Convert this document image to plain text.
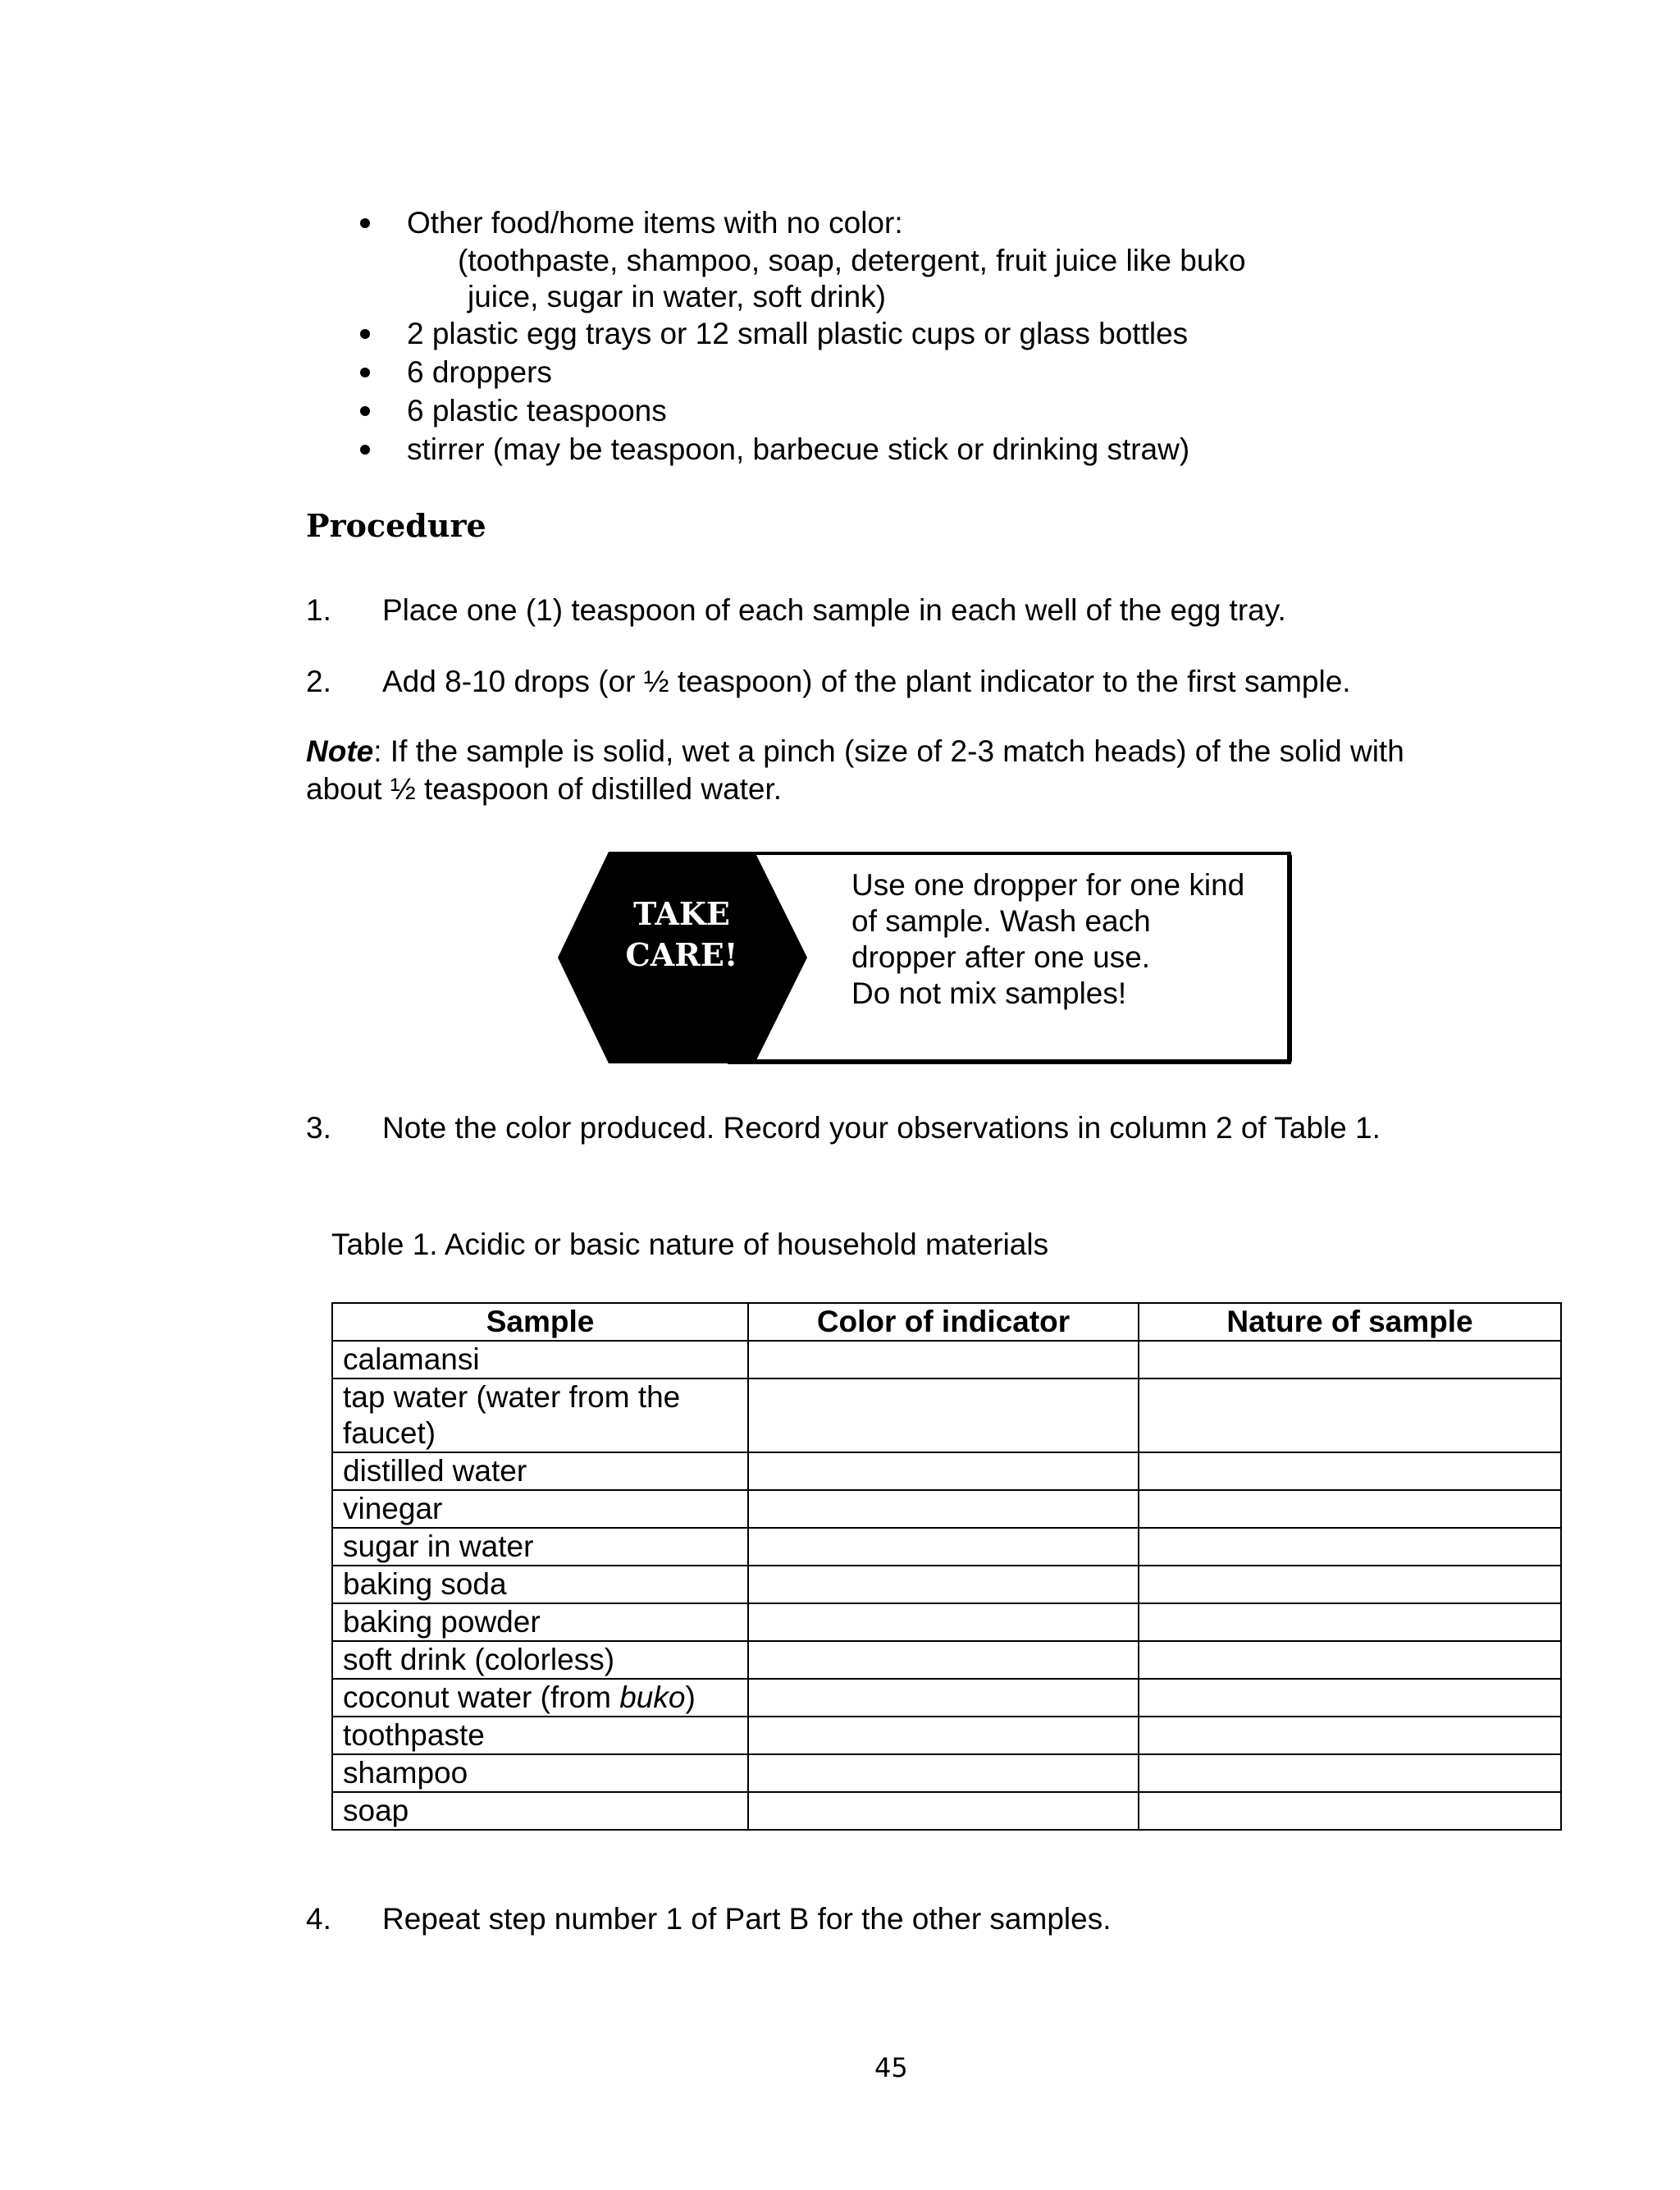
Other food/home items with no color:
(toothpaste, shampoo, soap, detergent, fruit juice like buko
juice, sugar in water, soft drink)
2 plastic egg trays or 12 small plastic cups or glass bottles
6 droppers
6 plastic teaspoons
stirrer (may be teaspoon, barbecue stick or drinking straw)
Procedure
1. Place one (1) teaspoon of each sample in each well of the egg tray.
2. Add 8-10 drops (or ½ teaspoon) of the plant indicator to the first sample.
Note: If the sample is solid, wet a pinch (size of 2-3 match heads) of the solid with
about ½ teaspoon of distilled water.
TAKE
CARE!
Use one dropper for one kind
of sample. Wash each
dropper after one use.
Do not mix samples!
3. Note the color produced. Record your observations in column 2 of Table 1.
Table 1. Acidic or basic nature of household materials
Sample	Color of indicator	Nature of sample
calamansi		

tap water (water from the
faucet)		

distilled water		
vinegar		
sugar in water		
baking soda		
baking powder		
soft drink (colorless)		
coconut water (from buko)		
toothpaste		
shampoo		
soap		
4. Repeat step number 1 of Part B for the other samples.
45
